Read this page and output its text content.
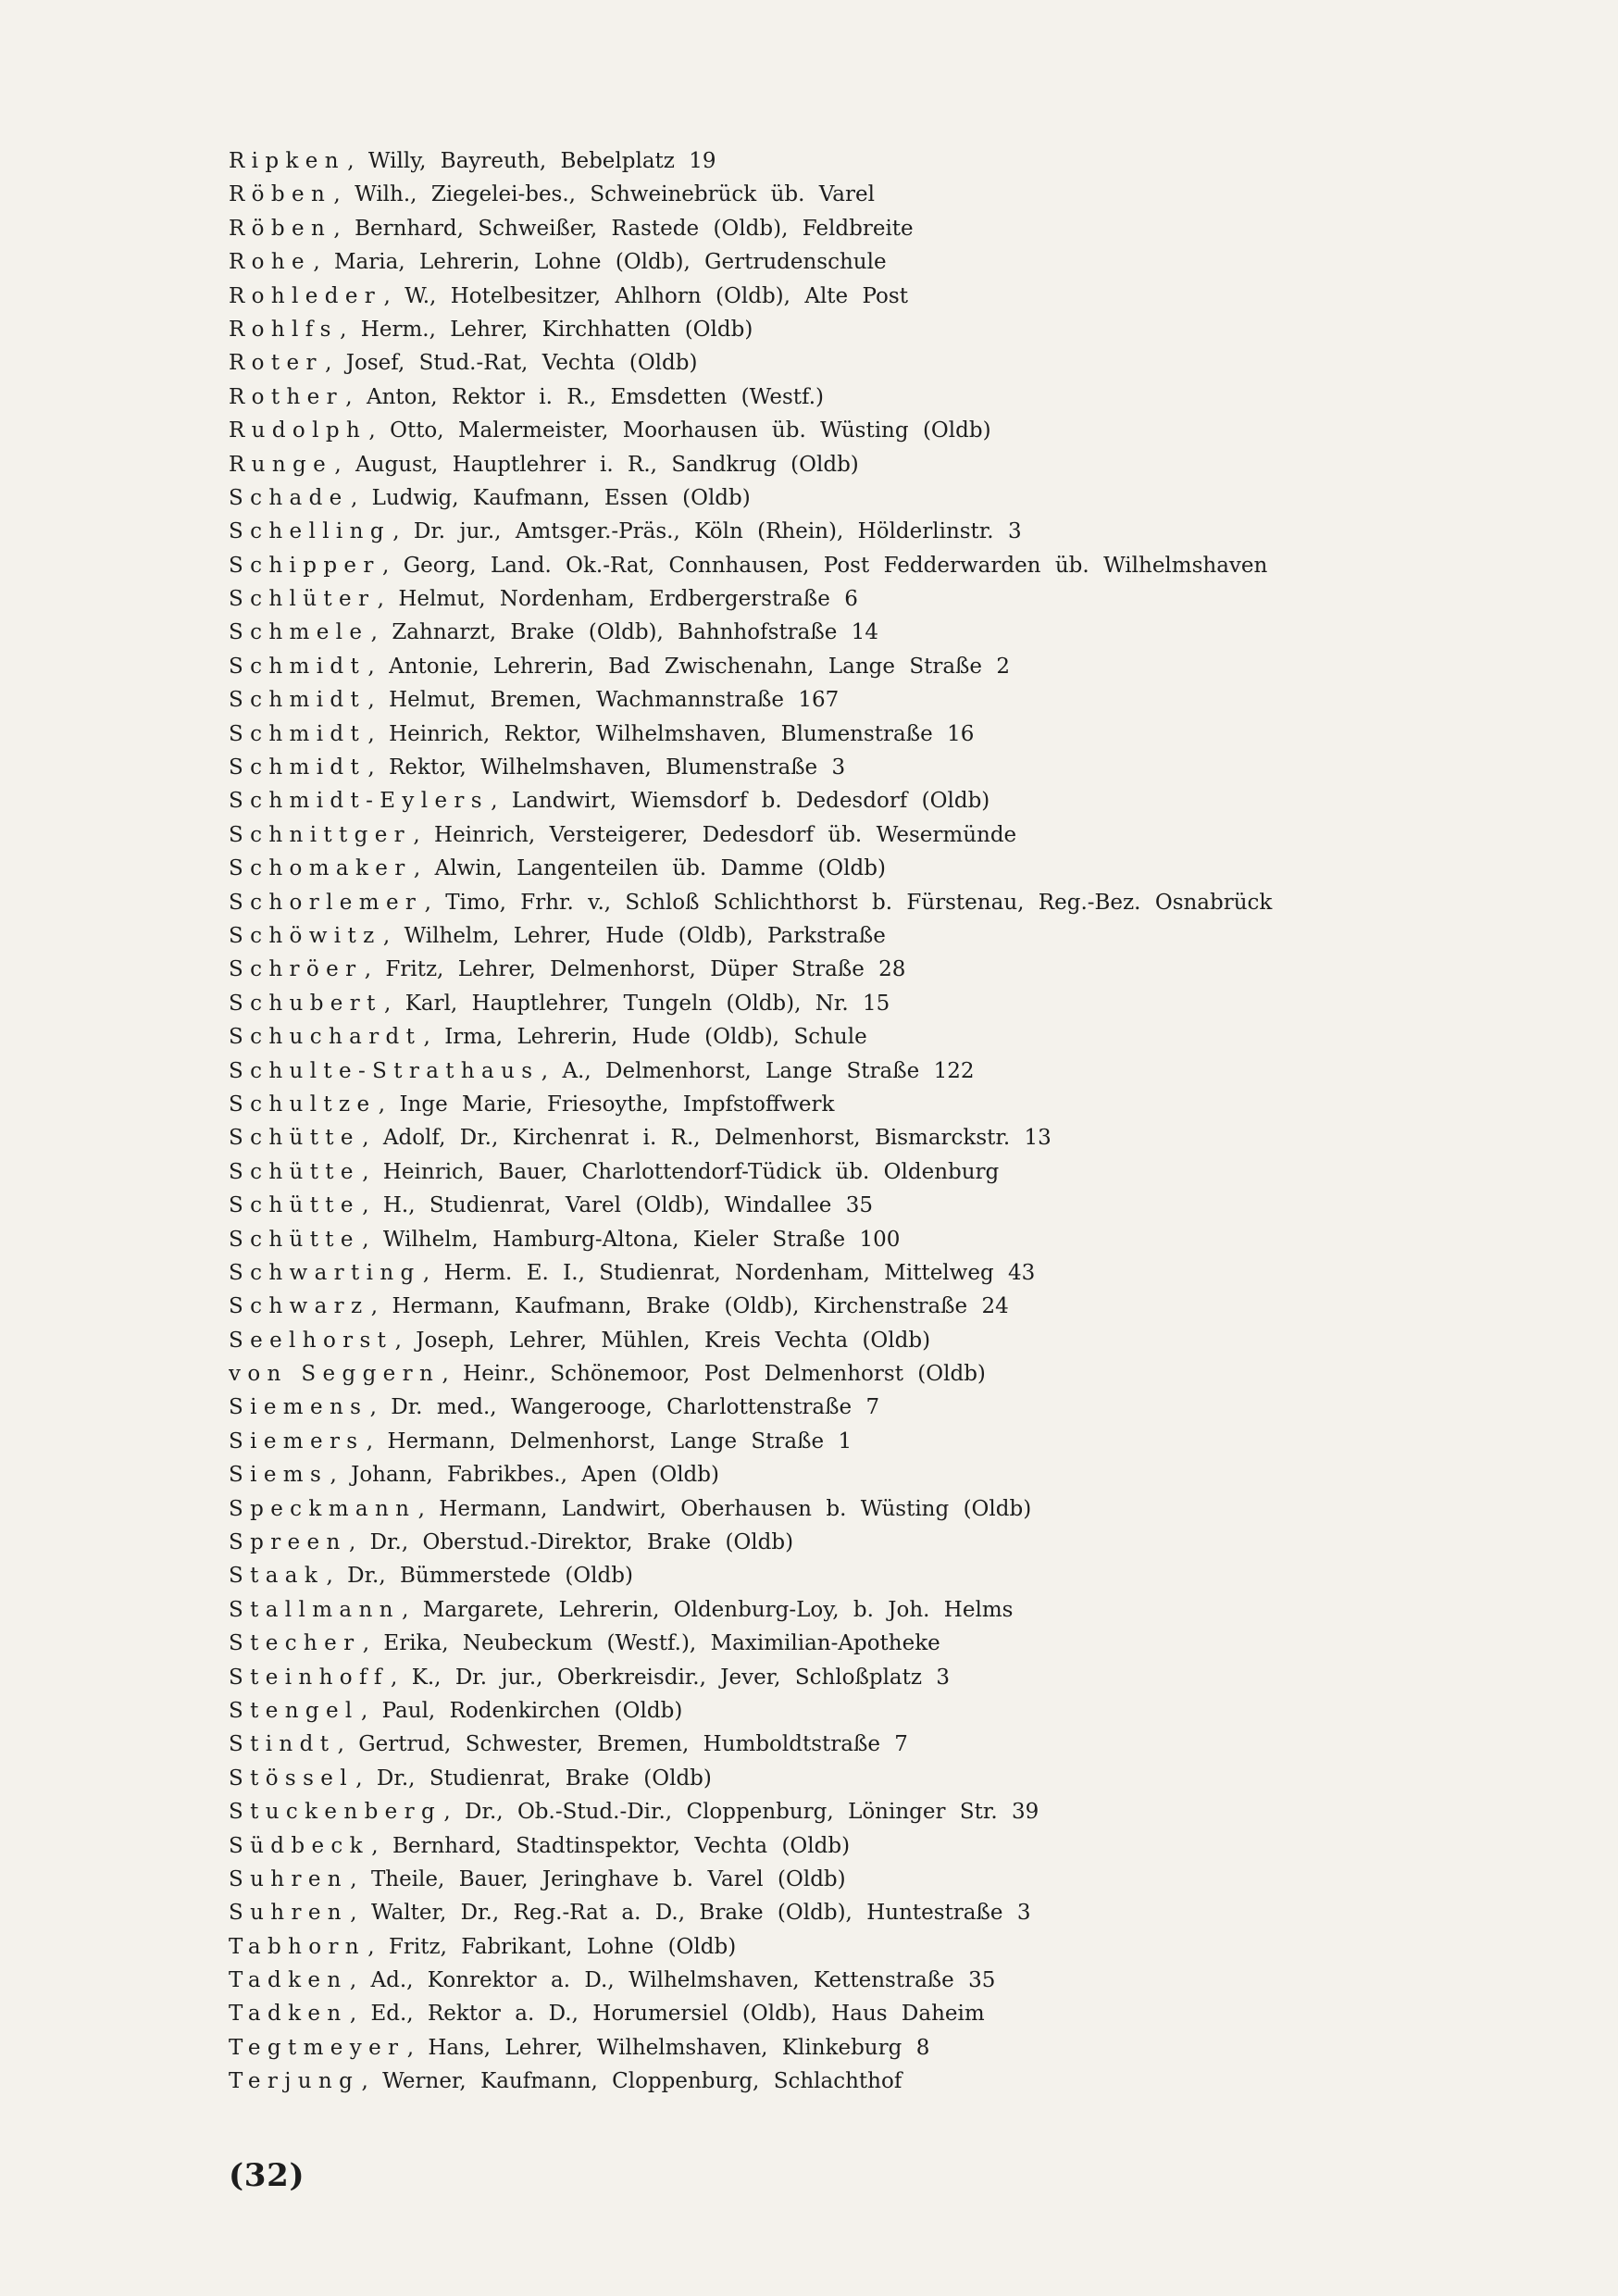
Ripken, Willy, Bayreuth, Bebelplatz 19
Röben, Wilh., Ziegelei-bes., Schweinebrück üb. Varel
Röben, Bernhard, Schweißer, Rastede (Oldb), Feldbreite
Rohe, Maria, Lehrerin, Lohne (Oldb), Gertrudenschule
Rohleder, W., Hotelbesitzer, Ahlhorn (Oldb), Alte Post
Rohlfs, Herm., Lehrer, Kirchhatten (Oldb)
Roter, Josef, Stud.-Rat, Vechta (Oldb)
Rother, Anton, Rektor i. R., Emsdetten (Westf.)
Rudolph, Otto, Malermeister, Moorhausen üb. Wüsting (Oldb)
Runge, August, Hauptlehrer i. R., Sandkrug (Oldb)
Schade, Ludwig, Kaufmann, Essen (Oldb)
Schelling, Dr. jur., Amtsger.-Präs., Köln (Rhein), Hölderlinstr. 3
Schipper, Georg, Land. Ok.-Rat, Connhausen, Post Fedderwarden üb. Wilhelmshaven
Schlüter, Helmut, Nordenham, Erdbergerstraße 6
Schmele, Zahnarzt, Brake (Oldb), Bahnhofstraße 14
Schmidt, Antonie, Lehrerin, Bad Zwischenahn, Lange Straße 2
Schmidt, Helmut, Bremen, Wachmannstraße 167
Schmidt, Heinrich, Rektor, Wilhelmshaven, Blumenstraße 16
Schmidt, Rektor, Wilhelmshaven, Blumenstraße 3
Schmidt-Eylers, Landwirt, Wiemsdorf b. Dedesdorf (Oldb)
Schnittger, Heinrich, Versteigerer, Dedesdorf üb. Wesermünde
Schomaker, Alwin, Langenteilen üb. Damme (Oldb)
Schorlemer, Timo, Frhr. v., Schloß Schlichthorst b. Fürstenau, Reg.-Bez. Osnabrück
Schöwitz, Wilhelm, Lehrer, Hude (Oldb), Parkstraße
Schröer, Fritz, Lehrer, Delmenhorst, Düper Straße 28
Schubert, Karl, Hauptlehrer, Tungeln (Oldb), Nr. 15
Schuchardt, Irma, Lehrerin, Hude (Oldb), Schule
Schulte-Strathaus, A., Delmenhorst, Lange Straße 122
Schultze, Inge Marie, Friesoythe, Impfstoffwerk
Schütte, Adolf, Dr., Kirchenrat i. R., Delmenhorst, Bismarckstr. 13
Schütte, Heinrich, Bauer, Charlottendorf-Tüdick üb. Oldenburg
Schütte, H., Studienrat, Varel (Oldb), Windallee 35
Schütte, Wilhelm, Hamburg-Altona, Kieler Straße 100
Schwarting, Herm. E. I., Studienrat, Nordenham, Mittelweg 43
Schwarz, Hermann, Kaufmann, Brake (Oldb), Kirchenstraße 24
Seelhorst, Joseph, Lehrer, Mühlen, Kreis Vechta (Oldb)
von Seggern, Heinr., Schönemoor, Post Delmenhorst (Oldb)
Siemens, Dr. med., Wangerooge, Charlottenstraße 7
Siemers, Hermann, Delmenhorst, Lange Straße 1
Siems, Johann, Fabrikbes., Apen (Oldb)
Speckmann, Hermann, Landwirt, Oberhausen b. Wüsting (Oldb)
Spreen, Dr., Oberstud.-Direktor, Brake (Oldb)
Staak, Dr., Bümmerstede (Oldb)
Stallmann, Margarete, Lehrerin, Oldenburg-Loy, b. Joh. Helms
Stecher, Erika, Neubeckum (Westf.), Maximilian-Apotheke
Steinhoff, K., Dr. jur., Oberkreisdir., Jever, Schloßplatz 3
Stengel, Paul, Rodenkirchen (Oldb)
Stindt, Gertrud, Schwester, Bremen, Humboldtstraße 7
Stössel, Dr., Studienrat, Brake (Oldb)
Stuckenberg, Dr., Ob.-Stud.-Dir., Cloppenburg, Löninger Str. 39
Südbeck, Bernhard, Stadtinspektor, Vechta (Oldb)
Suhren, Theile, Bauer, Jeringhave b. Varel (Oldb)
Suhren, Walter, Dr., Reg.-Rat a. D., Brake (Oldb), Huntestraße 3
Tabhorn, Fritz, Fabrikant, Lohne (Oldb)
Tadken, Ad., Konrektor a. D., Wilhelmshaven, Kettenstraße 35
Tadken, Ed., Rektor a. D., Horumersiel (Oldb), Haus Daheim
Tegtmeyer, Hans, Lehrer, Wilhelmshaven, Klinkeburg 8
Terjung, Werner, Kaufmann, Cloppenburg, Schlachthof
(32)
